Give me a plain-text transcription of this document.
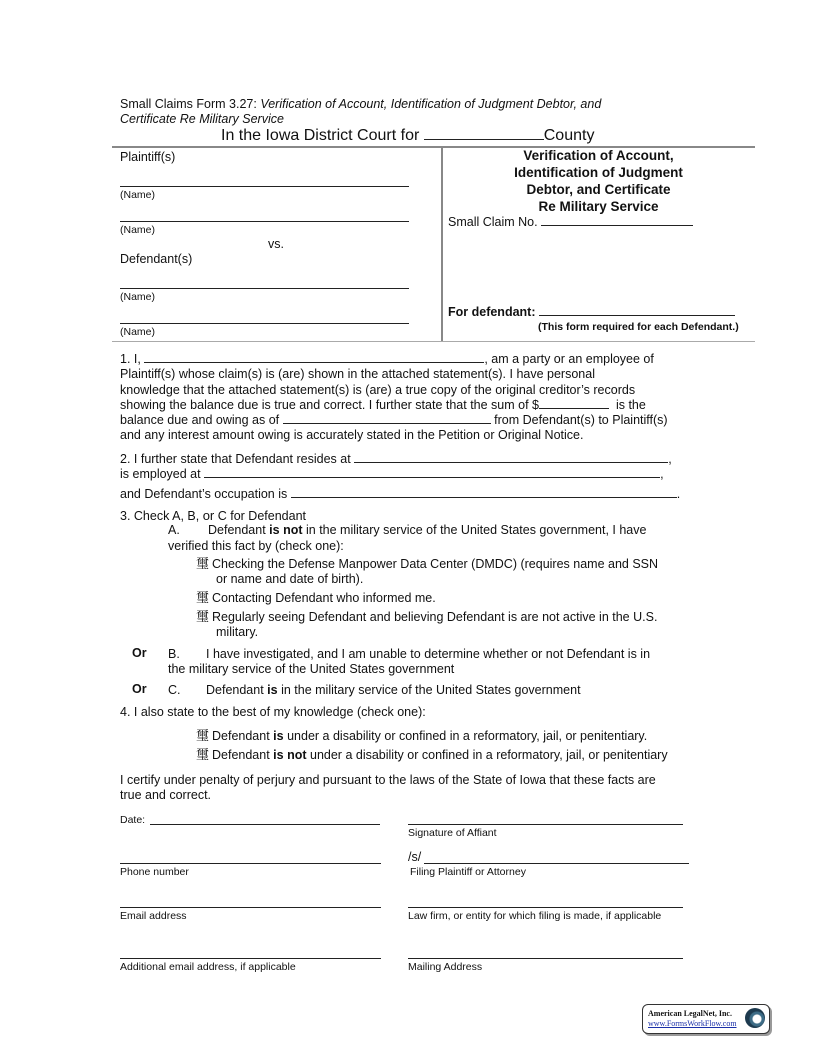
Small Claims Form 3.27: Verification of Account, Identification of Judgment Debtor, and
Certificate Re Military Service
In the Iowa District Court for	County
Plaintiff(s)
(Name)
(Name)
vs.
Defendant(s)
(Name)
(Name)
Verification of Account,
Identification of Judgment
Debtor, and Certificate
Re Military Service
Small Claim No.
For defendant:
(This form required for each Defendant.)
1. I,	, am a party or an employee of
Plaintiff(s) whose claim(s) is (are) shown in the attached statement(s). I have personal
knowledge that the attached statement(s) is (are) a true copy of the original creditor’s records
showing the balance due is true and correct. I further state that the sum of $	is the
balance due and owing as of	from Defendant(s) to Plaintiff(s)
and any interest amount owing is accurately stated in the Petition or Original Notice.
2. I further state that Defendant resides at	,
is employed at	,
and Defendant’s occupation is	.
3. Check A, B, or C for Defendant
A. Defendant is not in the military service of the United States government, I have
verified this fact by (check one):
璽 Checking the Defense Manpower Data Center (DMDC) (requires name and SSN
or name and date of birth).
璽 Contacting Defendant who informed me.
璽 Regularly seeing Defendant and believing Defendant is are not active in the U.S.
military.
Or B. I have investigated, and I am unable to determine whether or not Defendant is in
the military service of the United States government
Or C. Defendant is in the military service of the United States government
4. I also state to the best of my knowledge (check one):
璽 Defendant is under a disability or confined in a reformatory, jail, or penitentiary.
璽 Defendant is not under a disability or confined in a reformatory, jail, or penitentiary
I certify under penalty of perjury and pursuant to the laws of the State of Iowa that these facts are
true and correct.
Date:
Signature of Affiant
Phone number
/s/
Filing Plaintiff or Attorney
Email address	Law firm, or entity for which filing is made, if applicable
Additional email address, if applicable	Mailing Address
American LegalNet, Inc.
www.FormsWorkFlow.com
